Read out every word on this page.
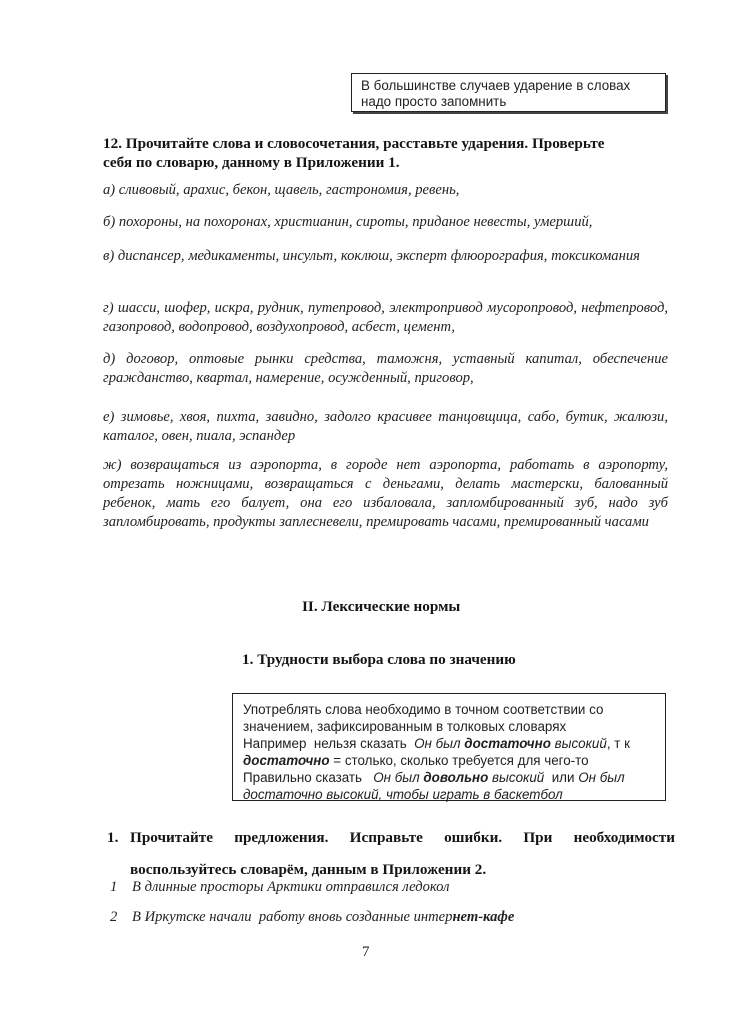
В большинстве случаев ударение в словах
надо просто запомнить
12. Прочитайте слова и словосочетания, расставьте ударения. Проверьте
себя по словарю, данному в Приложении 1.
а) сливовый, арахис, бекон, щавель, гастрономия, ревень,
б) похороны, на похоронах, христианин, сироты, приданое невесты, умерший,
в) диспансер, медикаменты, инсульт, коклюш, эксперт флюорография, токсикомания
г) шасси, шофер, искра, рудник, путепровод, электропривод мусоропровод, нефтепровод, газопровод, водопровод, воздухопровод, асбест, цемент,
д) договор, оптовые рынки средства, таможня, уставный капитал, обеспечение гражданство, квартал, намерение, осужденный, приговор,
е) зимовье, хвоя, пихта, завидно, задолго красивее танцовщица, сабо, бутик, жалюзи, каталог, овен, пиала, эспандер
ж) возвращаться из аэропорта, в городе нет аэропорта, работать в аэропорту, отрезать ножницами, возвращаться с деньгами, делать мастерски, балованный ребенок, мать его балует, она его избаловала, запломбированный зуб, надо зуб запломбировать, продукты заплесневели, премировать часами, премированный часами
II. Лексические нормы
1. Трудности выбора слова по значению
Употреблять слова необходимо в точном соответствии со
значением, зафиксированным в толковых словарях
Например  нельзя сказать  Он был достаточно высокий, т к
достаточно = столько, сколько требуется для чего-то
Правильно сказать   Он был довольно высокий  или Он был
достаточно высокий, чтобы играть в баскетбол
1. Прочитайте предложения. Исправьте ошибки. При необходимости
воспользуйтесь словарём, данным в Приложении 2.
1 В длинные просторы Арктики отправился ледокол
2 В Иркутске начали  работу вновь созданные интернет-кафе
7
